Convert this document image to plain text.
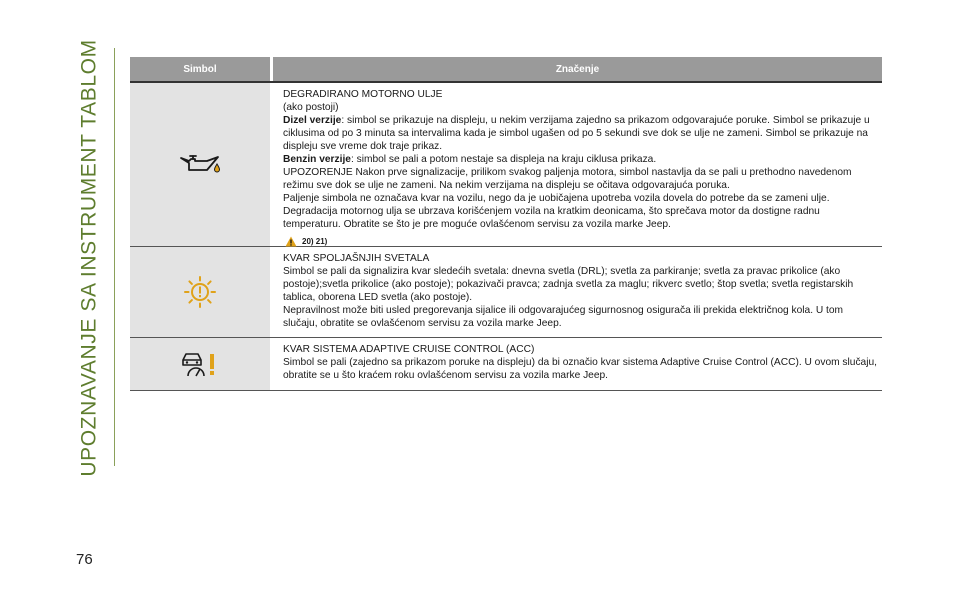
UPOZNAVANJE SA INSTRUMENT TABLOM	Simbol	Značenje

DEGRADIRANO MOTORNO ULJE

(ako postoji)

Dizel verzije: simbol se prikazuje na displeju, u nekim verzijama zajedno sa prikazom odgovarajuće poruke. Simbol se prikazuje u ciklusima od po 3 minuta sa intervalima kada je simbol ugašen od po 5 sekundi sve dok se ulje ne zameni. Simbol se prikazuje na displeju sve vreme dok traje prikaz.

Benzin verzije: simbol se pali a potom nestaje sa displeja na kraju ciklusa prikaza.

UPOZORENJE Nakon prve signalizacije, prilikom svakog paljenja motora, simbol nastavlja da se pali u prethodno navedenom režimu sve dok se ulje ne zameni. Na nekim verzijama na displeju se očitava odgovarajuća poruka.

Paljenje simbola ne označava kvar na vozilu, nego da je uobičajena upotreba vozila dovela do potrebe da se zameni ulje. Degradacija motornog ulja se ubrzava korišćenjem vozila na kratkim deonicama, što sprečava motor da dostigne radnu temperaturu. Obratite se što je pre moguće ovlašćenom servisu za vozila marke Jeep.

20) 21)

KVAR SPOLJAŠNJIH SVETALA

Simbol se pali da signalizira kvar sledećih svetala: dnevna svetla (DRL); svetla za parkiranje; svetla za pravac prikolice (ako postoje);svetla prikolice (ako postoje); pokazivači pravca; zadnja svetla za maglu; rikverc svetlo; štop svetla; svetla registarskih tablica, oborena LED svetla (ako postoje).

Nepravilnost može biti usled pregorevanja sijalice ili odgovarajućeg sigurnosnog osigurača ili prekida električnog kola. U tom slučaju, obratite se ovlašćenom servisu za vozila marke Jeep.

KVAR SISTEMA ADAPTIVE CRUISE CONTROL (ACC)

Simbol se pali (zajedno sa prikazom poruke na displeju) da bi označio kvar sistema Adaptive Cruise Control (ACC). U ovom slučaju, obratite se u što kraćem roku ovlašćenom servisu za vozila marke Jeep.

76
